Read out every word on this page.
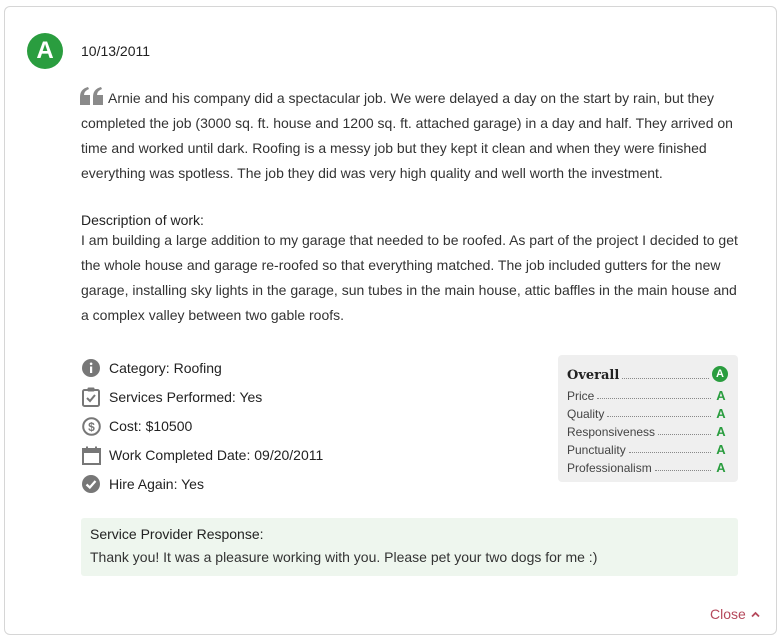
A	10/13/2011

Arnie and his company did a spectacular job. We were delayed a day on the start by rain, but they completed the job (3000 sq. ft. house and 1200 sq. ft. attached garage) in a day and half. They arrived on time and worked until dark. Roofing is a messy job but they kept it clean and when they were finished everything was spotless. The job they did was very high quality and well worth the investment.

Description of work:

I am building a large addition to my garage that needed to be roofed. As part of the project I decided to get the whole house and garage re-roofed so that everything matched. The job included gutters for the new garage, installing sky lights in the garage, sun tubes in the main house, attic baffles in the main house and a complex valley between two gable roofs.

Category: Roofing
Services Performed: Yes
$ Cost: $10500
Work Completed Date: 09/20/2011
Hire Again: Yes
Overall	A
Price	A
Quality	A
Responsiveness	A
Punctuality	A
Professionalism	A
Service Provider Response:
Thank you! It was a pleasure working with you. Please pet your two dogs for me :)
Close
